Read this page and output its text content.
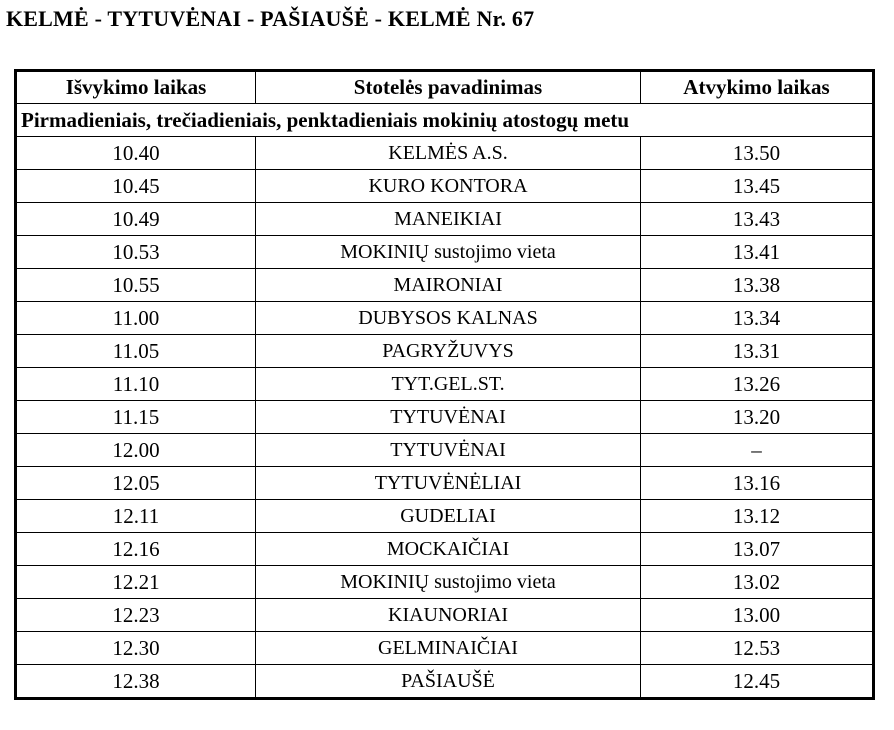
KELMĖ - TYTUVĖNAI - PAŠIAUŠĖ - KELMĖ Nr. 67
Išvykimo laikas	Stotelės pavadinimas	Atvykimo laikas
Pirmadieniais, trečiadieniais, penktadieniais mokinių atostogų metu		
10.40	KELMĖS A.S.	13.50
10.45	KURO KONTORA	13.45
10.49	MANEIKIAI	13.43
10.53	MOKINIŲ sustojimo vieta	13.41
10.55	MAIRONIAI	13.38
11.00	DUBYSOS KALNAS	13.34
11.05	PAGRYŽUVYS	13.31
11.10	TYT.GEL.ST.	13.26
11.15	TYTUVĖNAI	13.20
12.00	TYTUVĖNAI	–
12.05	TYTUVĖNĖLIAI	13.16
12.11	GUDELIAI	13.12
12.16	MOCKAIČIAI	13.07
12.21	MOKINIŲ sustojimo vieta	13.02
12.23	KIAUNORIAI	13.00
12.30	GELMINAIČIAI	12.53
12.38	PAŠIAUŠĖ	12.45
